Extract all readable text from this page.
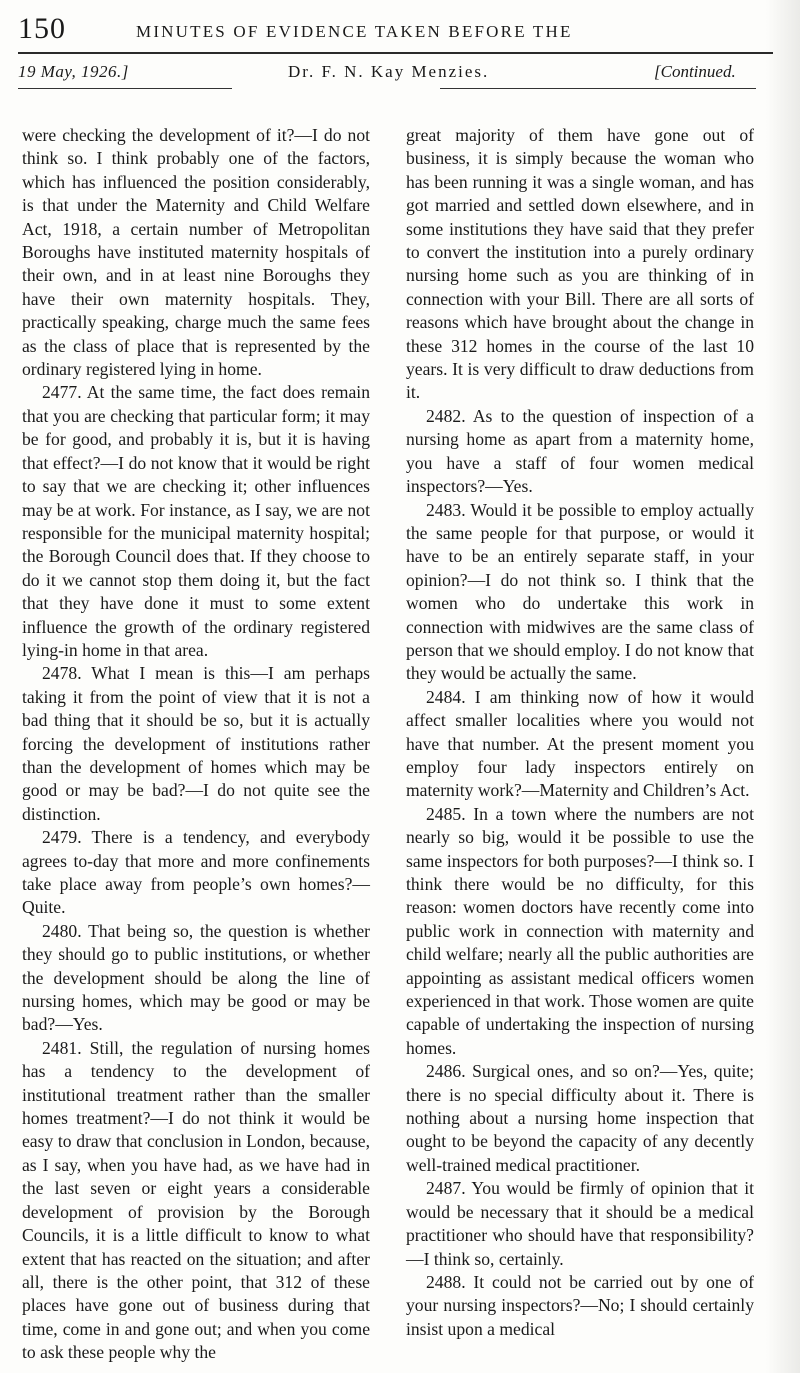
150	MINUTES OF EVIDENCE TAKEN BEFORE THE
19 May, 1926.]	Dr. F. N. Kay Menzies.	[Continued.

were checking the development of it?—I do not think so. I think probably one of the factors, which has influenced the position considerably, is that under the Maternity and Child Welfare Act, 1918, a certain number of Metropolitan Boroughs have instituted maternity hospitals of their own, and in at least nine Boroughs they have their own maternity hospitals. They, practically speaking, charge much the same fees as the class of place that is represented by the ordinary registered lying in home.

2477. At the same time, the fact does remain that you are checking that particular form; it may be for good, and probably it is, but it is having that effect?—I do not know that it would be right to say that we are checking it; other influences may be at work. For instance, as I say, we are not responsible for the municipal maternity hospital; the Borough Council does that. If they choose to do it we cannot stop them doing it, but the fact that they have done it must to some extent influence the growth of the ordinary registered lying-in home in that area.

2478. What I mean is this—I am perhaps taking it from the point of view that it is not a bad thing that it should be so, but it is actually forcing the development of institutions rather than the development of homes which may be good or may be bad?—I do not quite see the distinction.

2479. There is a tendency, and everybody agrees to-day that more and more confinements take place away from people’s own homes?—Quite.

2480. That being so, the question is whether they should go to public institutions, or whether the development should be along the line of nursing homes, which may be good or may be bad?—Yes.

2481. Still, the regulation of nursing homes has a tendency to the development of institutional treatment rather than the smaller homes treatment?—I do not think it would be easy to draw that conclusion in London, because, as I say, when you have had, as we have had in the last seven or eight years a considerable development of provision by the Borough Councils, it is a little difficult to know to what extent that has reacted on the situation; and after all, there is the other point, that 312 of these places have gone out of business during that time, come in and gone out; and when you come to ask these people why the

great majority of them have gone out of business, it is simply because the woman who has been running it was a single woman, and has got married and settled down elsewhere, and in some institutions they have said that they prefer to convert the institution into a purely ordinary nursing home such as you are thinking of in connection with your Bill. There are all sorts of reasons which have brought about the change in these 312 homes in the course of the last 10 years. It is very difficult to draw deductions from it.

2482. As to the question of inspection of a nursing home as apart from a maternity home, you have a staff of four women medical inspectors?—Yes.

2483. Would it be possible to employ actually the same people for that purpose, or would it have to be an entirely separate staff, in your opinion?—I do not think so. I think that the women who do undertake this work in connection with midwives are the same class of person that we should employ. I do not know that they would be actually the same.

2484. I am thinking now of how it would affect smaller localities where you would not have that number. At the present moment you employ four lady inspectors entirely on maternity work?—Maternity and Children’s Act.

2485. In a town where the numbers are not nearly so big, would it be possible to use the same inspectors for both purposes?—I think so. I think there would be no difficulty, for this reason: women doctors have recently come into public work in connection with maternity and child welfare; nearly all the public authorities are appointing as assistant medical officers women experienced in that work. Those women are quite capable of undertaking the inspection of nursing homes.

2486. Surgical ones, and so on?—Yes, quite; there is no special difficulty about it. There is nothing about a nursing home inspection that ought to be beyond the capacity of any decently well-trained medical practitioner.

2487. You would be firmly of opinion that it would be necessary that it should be a medical practitioner who should have that responsibility?—I think so, certainly.

2488. It could not be carried out by one of your nursing inspectors?—No; I should certainly insist upon a medical
